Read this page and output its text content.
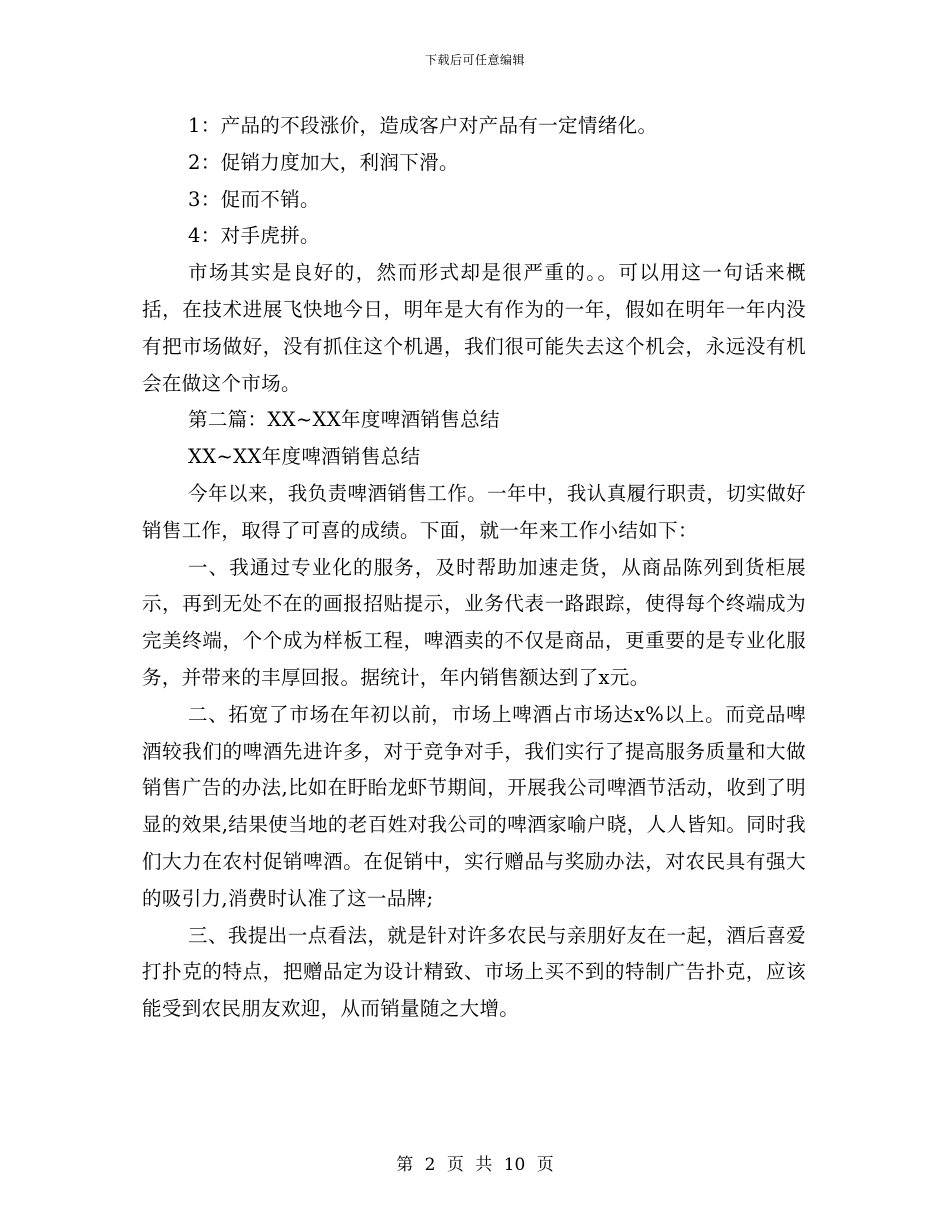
下载后可任意编辑

1：产品的不段涨价，造成客户对产品有一定情绪化。

2：促销力度加大，利润下滑。

3：促而不销。

4：对手虎拼。

市场其实是良好的，然而形式却是很严重的。。可以用这一句话来概括，在技术进展飞快地今日，明年是大有作为的一年，假如在明年一年内没有把市场做好，没有抓住这个机遇，我们很可能失去这个机会，永远没有机会在做这个市场。

第二篇：XX~XX年度啤酒销售总结

XX~XX年度啤酒销售总结

今年以来，我负责啤酒销售工作。一年中，我认真履行职责，切实做好销售工作，取得了可喜的成绩。下面，就一年来工作小结如下：

一、我通过专业化的服务，及时帮助加速走货，从商品陈列到货柜展示，再到无处不在的画报招贴提示，业务代表一路跟踪，使得每个终端成为完美终端，个个成为样板工程，啤酒卖的不仅是商品，更重要的是专业化服务，并带来的丰厚回报。据统计，年内销售额达到了x元。

二、拓宽了市场在年初以前，市场上啤酒占市场达x%以上。而竞品啤酒较我们的啤酒先进许多，对于竞争对手，我们实行了提高服务质量和大做销售广告的办法,比如在盱眙龙虾节期间，开展我公司啤酒节活动，收到了明显的效果,结果使当地的老百姓对我公司的啤酒家喻户晓，人人皆知。同时我们大力在农村促销啤酒。在促销中，实行赠品与奖励办法，对农民具有强大的吸引力,消费时认准了这一品牌;

三、我提出一点看法，就是针对许多农民与亲朋好友在一起，酒后喜爱打扑克的特点，把赠品定为设计精致、市场上买不到的特制广告扑克，应该能受到农民朋友欢迎，从而销量随之大增。

第 2 页 共 10 页
